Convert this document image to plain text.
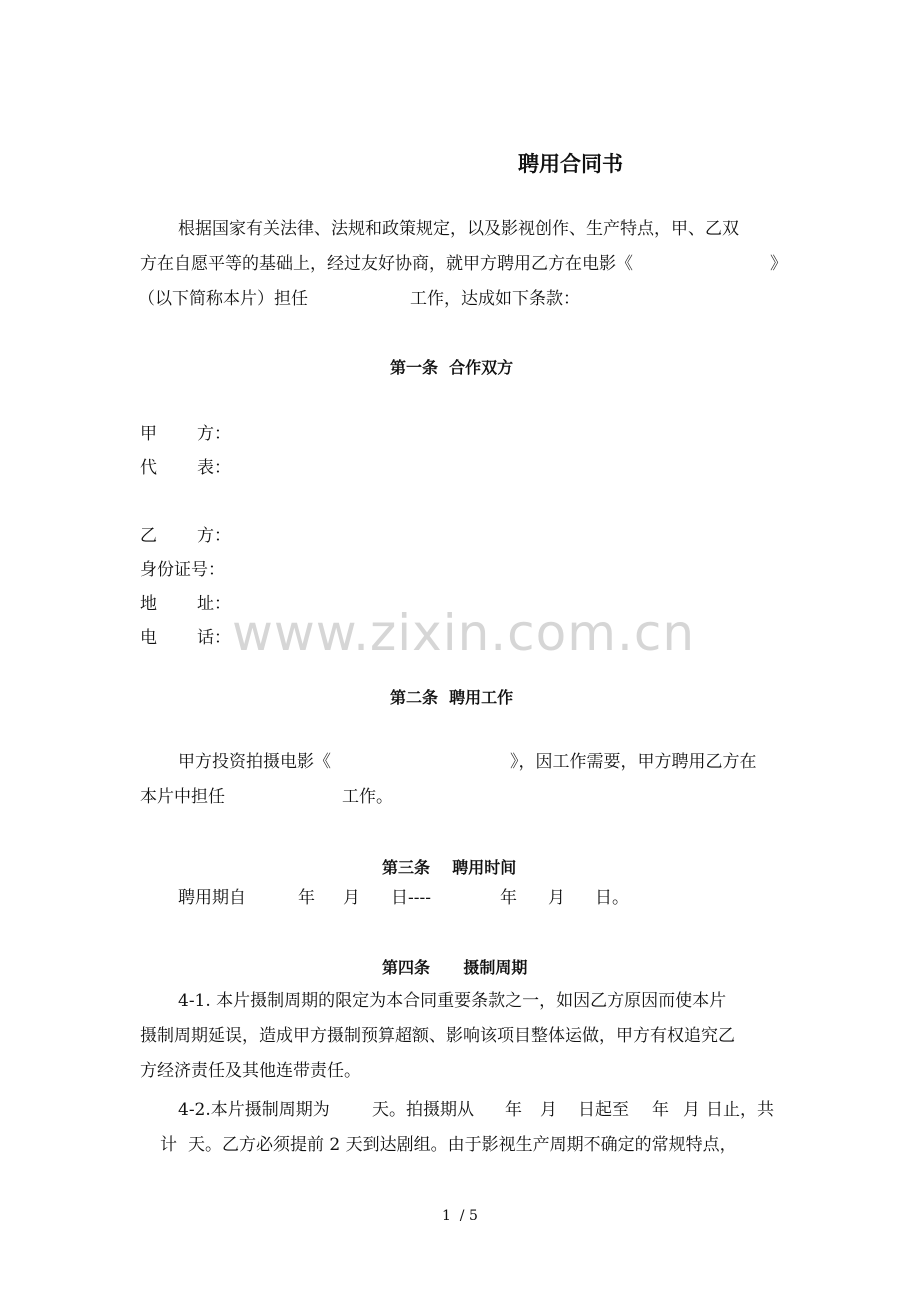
聘用合同书
根据国家有关法律、法规和政策规定，以及影视创作、生产特点，甲、乙双
方在自愿平等的基础上，经过友好协商，就甲方聘用乙方在电影《	》
（以下简称本片）担任	工作，达成如下条款：
第一条  合作双方
甲 方：
代 表：
乙 方：
身份证号：
地 址：
电 话： www.zixin.com.cn
第二条  聘用工作
甲方投资拍摄电影《	》，因工作需要，甲方聘用乙方在
本片中担任	工作。
第三条    聘用时间
聘用期自	年 月 日----	年 月 日。
第四条      摄制周期
4-1. 本片摄制周期的限定为本合同重要条款之一，如因乙方原因而使本片
摄制周期延误，造成甲方摄制预算超额、影响该项目整体运做，甲方有权追究乙
方经济责任及其他连带责任。
4-2.本片摄制周期为 天。拍摄期从 年 月 日起至 年 月 日止，共
计 天。乙方必须提前 2 天到达剧组。由于影视生产周期不确定的常规特点，
1  / 5
